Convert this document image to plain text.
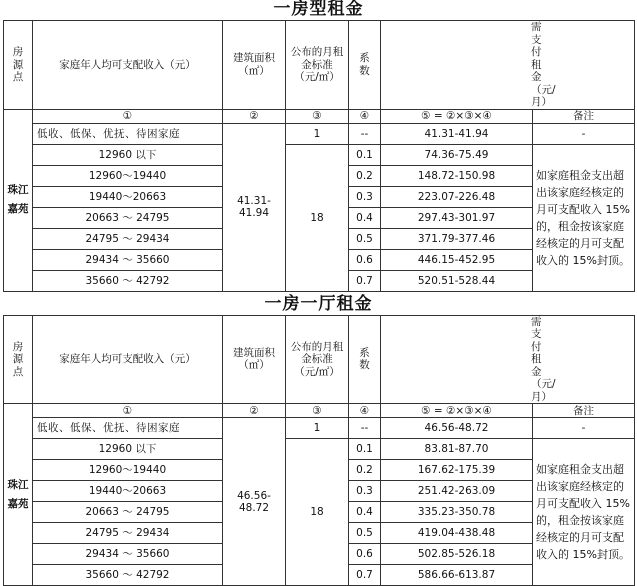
一房型租金
房源点	家庭年人均可支配收入（元）	建筑面积（㎡）	公布的月租金标准（元/㎡）	系数	需支付租金（元/月）	
珠江嘉苑	①	②	③	④	⑤ = ②×③×④	备注
	低收、低保、优抚、待困家庭	41.31-41.94	1	--	41.31-41.94	-
	12960 以下		18	0.1	74.36-75.49	如家庭租金支出超出该家庭经核定的月可支配收入 15%的，租金按该家庭经核定的月可支配收入的 15%封顶。
	12960～19440			0.2	148.72-150.98	
	19440～20663			0.3	223.07-226.48	
	20663 ～ 24795			0.4	297.43-301.97	
	24795 ～ 29434			0.5	371.79-377.46	
	29434 ～ 35660			0.6	446.15-452.95	
	35660 ～ 42792			0.7	520.51-528.44	
一房一厅租金
房源点	家庭年人均可支配收入（元）	建筑面积（㎡）	公布的月租金标准（元/㎡）	系数	需支付租金（元/月）	
珠江嘉苑	①	②	③	④	⑤ = ②×③×④	备注
	低收、低保、优抚、待困家庭	46.56-48.72	1	--	46.56-48.72	-
	12960 以下		18	0.1	83.81-87.70	如家庭租金支出超出该家庭经核定的月可支配收入 15%的，租金按该家庭经核定的月可支配收入的 15%封顶。
	12960～19440			0.2	167.62-175.39	
	19440～20663			0.3	251.42-263.09	
	20663 ～ 24795			0.4	335.23-350.78	
	24795 ～ 29434			0.5	419.04-438.48	
	29434 ～ 35660			0.6	502.85-526.18	
	35660 ～ 42792			0.7	586.66-613.87	
